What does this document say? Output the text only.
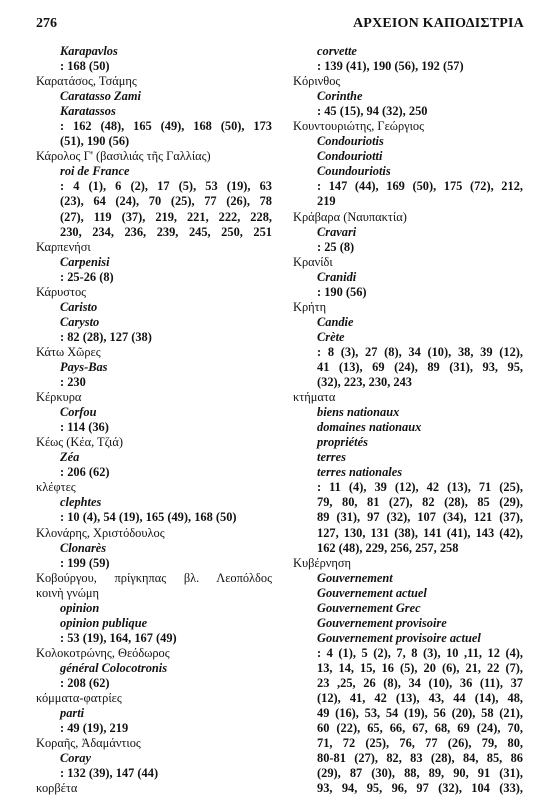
276	ΑΡΧΕΙΟΝ ΚΑΠΟΔΙΣΤΡΙΑ
Karapavlos
: 168 (50)
Καρατάσος, Τσάμης
Caratasso Zami
Karatassos
: 162 (48), 165 (49), 168 (50), 173
(51), 190 (56)
Κάρολος Γ' (βασιλιάς τῆς Γαλλίας)
roi de France
: 4 (1), 6 (2), 17 (5), 53 (19), 63
(23), 64 (24), 70 (25), 77 (26), 78
(27), 119 (37), 219, 221, 222, 228,
230, 234, 236, 239, 245, 250, 251
Καρπενήσι
Carpenisi
: 25-26 (8)
Κάρυστος
Caristo
Carysto
: 82 (28), 127 (38)
Κάτω Χῶρες
Pays-Bas
: 230
Κέρκυρα
Corfou
: 114 (36)
Κέως (Κέα, Τζιά)
Zéa
: 206 (62)
κλέφτες
clephtes
: 10 (4), 54 (19), 165 (49), 168 (50)
Κλονάρης, Χριστόδουλος
Clonarès
: 199 (59)
Κοβούργου, πρίγκηπας βλ. Λεοπόλδος
κοινὴ γνώμη
opinion
opinion publique
: 53 (19), 164, 167 (49)
Κολοκοτρώνης, Θεόδωρος
général Colocotronis
: 208 (62)
κόμματα-φατρίες
parti
: 49 (19), 219
Κοραῆς, Ἀδαμάντιος
Coray
: 132 (39), 147 (44)
κορβέτα
corvette
: 139 (41), 190 (56), 192 (57)
Κόρινθος
Corinthe
: 45 (15), 94 (32), 250
Κουντουριώτης, Γεώργιος
Condouriotis
Condouriotti
Coundouriotis
: 147 (44), 169 (50), 175 (72), 212,
219
Κράβαρα (Ναυπακτία)
Cravari
: 25 (8)
Κρανίδι
Cranidi
: 190 (56)
Κρήτη
Candie
Crète
: 8 (3), 27 (8), 34 (10), 38, 39 (12),
41 (13), 69 (24), 89 (31), 93, 95,
(32), 223, 230, 243
κτήματα
biens nationaux
domaines nationaux
propriétés
terres
terres nationales
: 11 (4), 39 (12), 42 (13), 71 (25),
79, 80, 81 (27), 82 (28), 85 (29),
89 (31), 97 (32), 107 (34), 121 (37),
127, 130, 131 (38), 141 (41), 143 (42),
162 (48), 229, 256, 257, 258
Κυβέρνηση
Gouvernement
Gouvernement actuel
Gouvernement Grec
Gouvernement provisoire
Gouvernement provisoire actuel
: 4 (1), 5 (2), 7, 8 (3), 10 ,11, 12 (4),
13, 14, 15, 16 (5), 20 (6), 21, 22 (7),
23 ,25, 26 (8), 34 (10), 36 (11), 37
(12), 41, 42 (13), 43, 44 (14), 48,
49 (16), 53, 54 (19), 56 (20), 58 (21),
60 (22), 65, 66, 67, 68, 69 (24), 70,
71, 72 (25), 76, 77 (26), 79, 80,
80-81 (27), 82, 83 (28), 84, 85, 86
(29), 87 (30), 88, 89, 90, 91 (31),
93, 94, 95, 96, 97 (32), 104 (33),
